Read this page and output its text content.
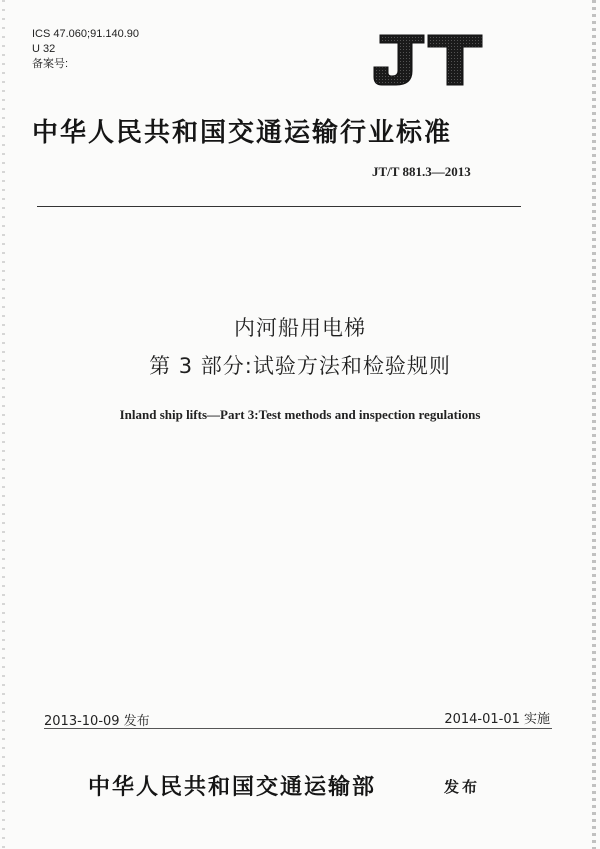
ICS 47.060;91.140.90
U 32
备案号:
中华人民共和国交通运输行业标准
JT/T 881.3—2013
内河船用电梯
第 3 部分:试验方法和检验规则
Inland ship lifts—Part 3:Test methods and inspection regulations
2013-10-09 发布	2014-01-01 实施
中华人民共和国交通运输部	发布
